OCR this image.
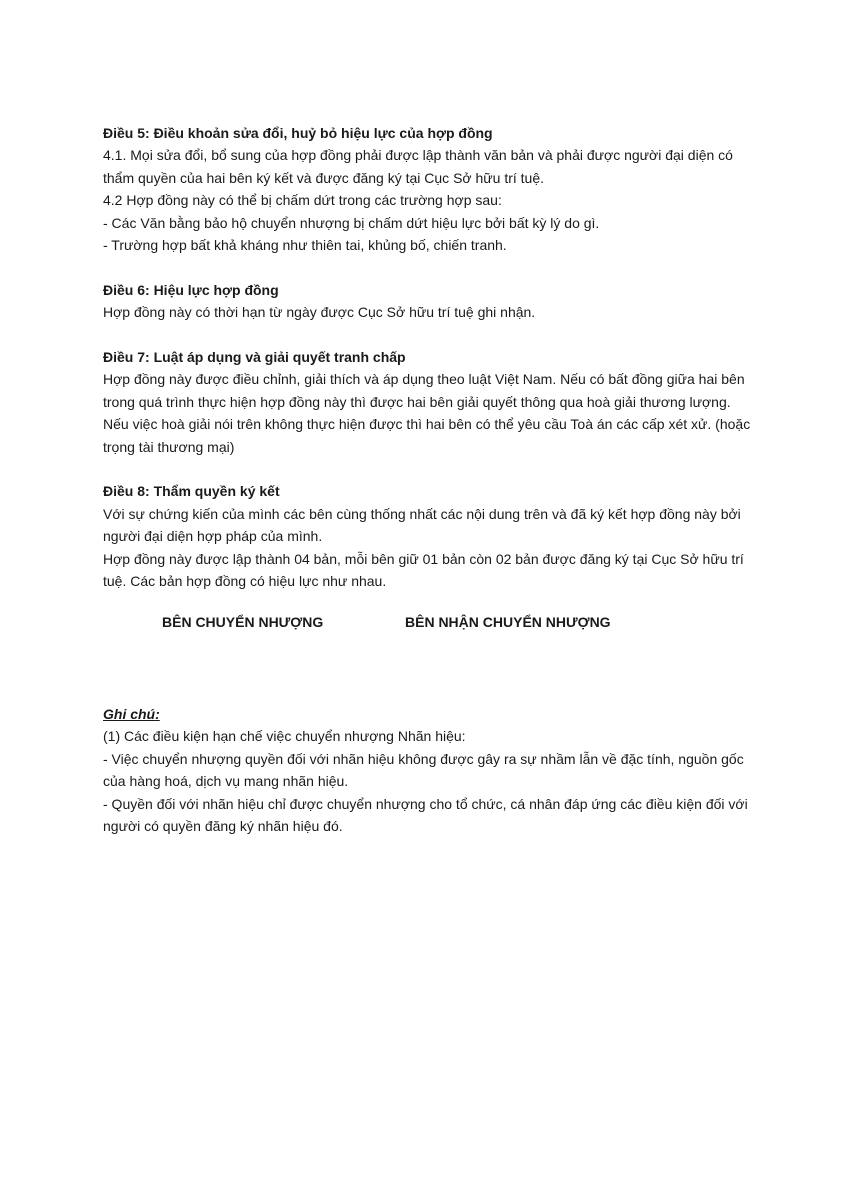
Điều 5: Điều khoản sửa đổi, huỷ bỏ hiệu lực của hợp đồng

4.1. Mọi sửa đổi, bổ sung của hợp đồng phải được lập thành văn bản và phải được người đại diện có thẩm quyền của hai bên ký kết và được đăng ký tại Cục Sở hữu trí tuệ.

4.2 Hợp đồng này có thể bị chấm dứt trong các trường hợp sau:

- Các Văn bằng bảo hộ chuyển nhượng bị chấm dứt hiệu lực bởi bất kỳ lý do gì.

- Trường hợp bất khả kháng như thiên tai, khủng bố, chiến tranh.

Điều 6: Hiệu lực hợp đồng

Hợp đồng này có thời hạn từ ngày được Cục Sở hữu trí tuệ ghi nhận.

Điều 7: Luật áp dụng và giải quyết tranh chấp

Hợp đồng này được điều chỉnh, giải thích và áp dụng theo luật Việt Nam. Nếu có bất đồng giữa hai bên trong quá trình thực hiện hợp đồng này thì được hai bên giải quyết thông qua hoà giải thương lượng. Nếu việc hoà giải nói trên không thực hiện được thì hai bên có thể yêu cầu Toà án các cấp xét xử. (hoặc trọng tài thương mại)

Điều 8: Thẩm quyền ký kết

Với sự chứng kiến của mình các bên cùng thống nhất các nội dung trên và đã ký kết hợp đồng này bởi người đại diện hợp pháp của mình.

Hợp đồng này được lập thành 04 bản, mỗi bên giữ 01 bản còn 02 bản được đăng ký tại Cục Sở hữu trí tuệ. Các bản hợp đồng có hiệu lực như nhau.

BÊN CHUYỂN NHƯỢNG	BÊN NHẬN CHUYỂN NHƯỢNG

Ghi chú:

(1) Các điều kiện hạn chế việc chuyển nhượng Nhãn hiệu:

- Việc chuyển nhượng quyền đối với nhãn hiệu không được gây ra sự nhầm lẫn về đặc tính, nguồn gốc của hàng hoá, dịch vụ mang nhãn hiệu.

- Quyền đối với nhãn hiệu chỉ được chuyển nhượng cho tổ chức, cá nhân đáp ứng các điều kiện đối với người có quyền đăng ký nhãn hiệu đó.
